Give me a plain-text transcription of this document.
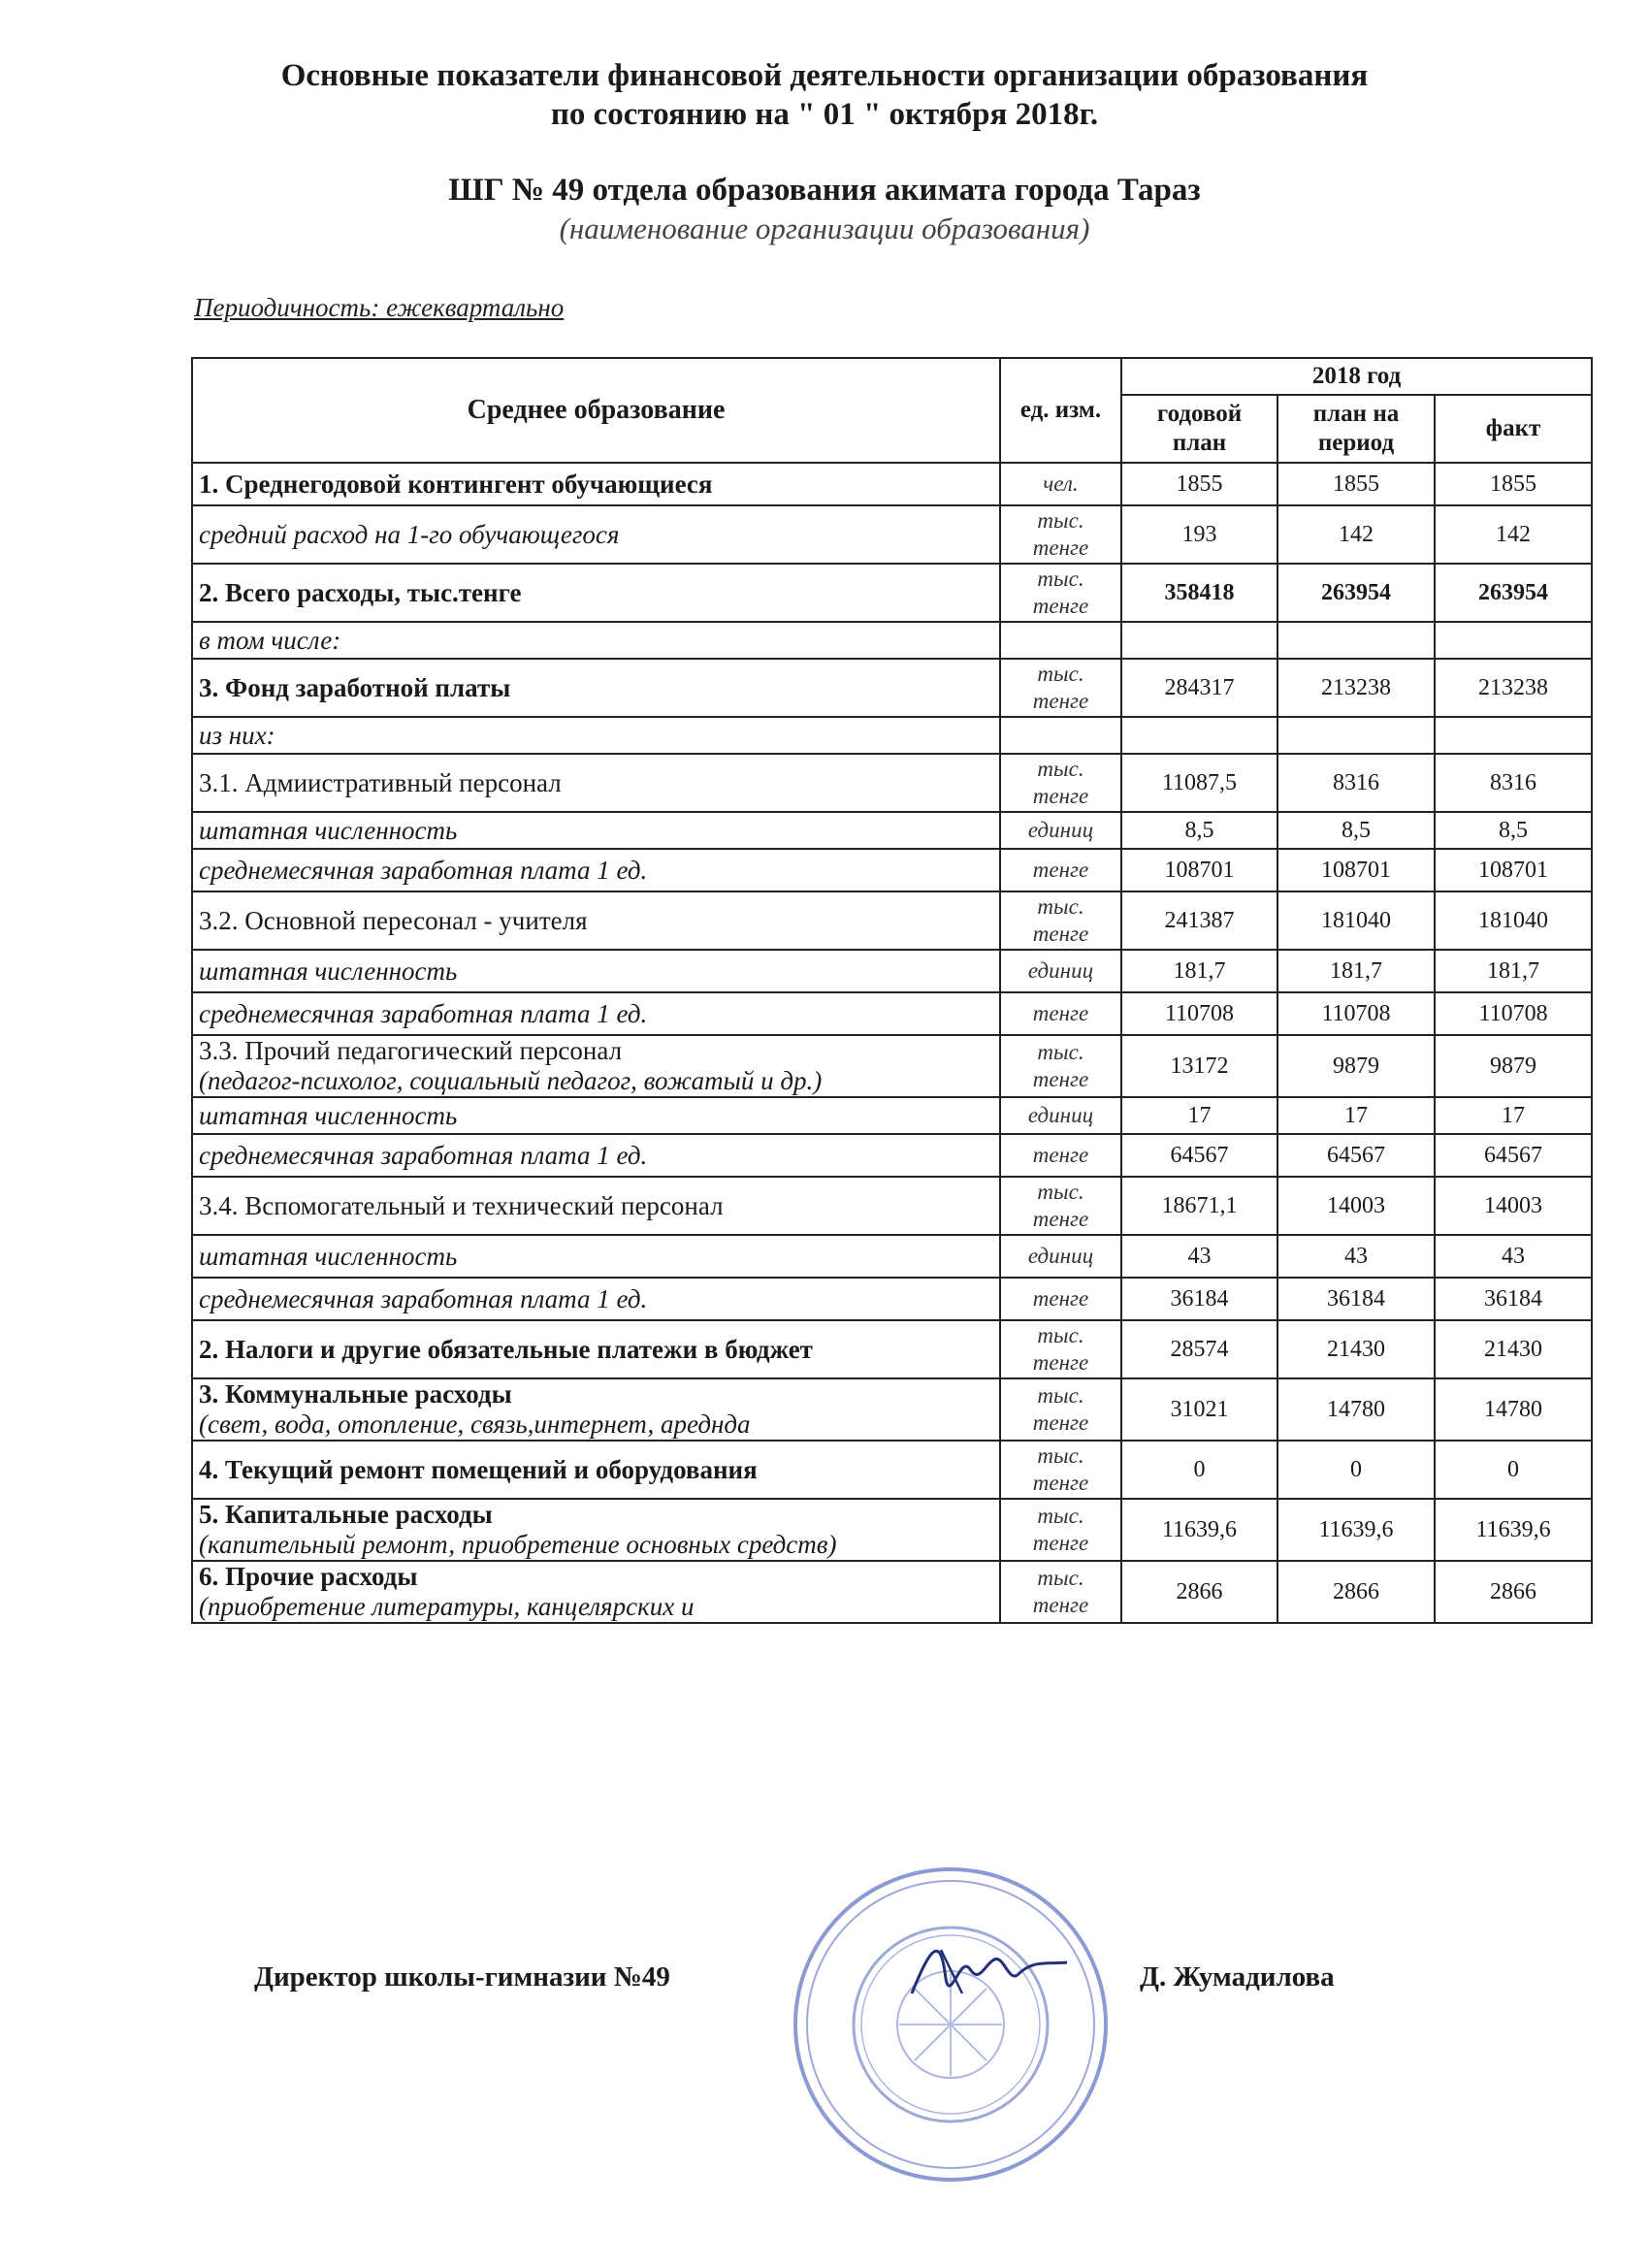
Основные показатели финансовой деятельности организации образования
по состоянию на " 01 " октября 2018г.
ШГ № 49 отдела образования акимата города Тараз
(наименование организации образования)
Периодичность: ежеквартально
Среднее образование	ед. изм.	2018 год		
		годовой план	план на период	факт
1. Среднегодовой контингент обучающиеся	чел.	1855	1855	1855
средний расход на 1-го обучающегося	тыс. тенге	193	142	142
2. Всего расходы, тыс.тенге	тыс. тенге	358418	263954	263954
в том числе:				
3. Фонд заработной платы	тыс. тенге	284317	213238	213238
из них:				
3.1. Адмиистративный персонал	тыс. тенге	11087,5	8316	8316
штатная численность	единиц	8,5	8,5	8,5
среднемесячная заработная плата 1 ед.	тенге	108701	108701	108701
3.2. Основной пересонал - учителя	тыс. тенге	241387	181040	181040
штатная численность	единиц	181,7	181,7	181,7
среднемесячная заработная плата 1 ед.	тенге	110708	110708	110708
3.3. Прочий педагогический персонал
(педагог-психолог, социальный педагог, вожатый и др.)	тыс. тенге	13172	9879	9879
штатная численность	единиц	17	17	17
среднемесячная заработная плата 1 ед.	тенге	64567	64567	64567
3.4. Вспомогательный и технический персонал	тыс. тенге	18671,1	14003	14003
штатная численность	единиц	43	43	43
среднемесячная заработная плата 1 ед.	тенге	36184	36184	36184
2. Налоги и другие обязательные платежи в бюджет	тыс. тенге	28574	21430	21430
3. Коммунальные расходы
(свет, вода, отопление, связь,интернет, ареднда	тыс. тенге	31021	14780	14780
4. Текущий ремонт помещений и оборудования	тыс. тенге	0	0	0
5. Капитальные расходы
(капительный ремонт, приобретение основных средств)	тыс. тенге	11639,6	11639,6	11639,6
6. Прочие расходы
(приобретение литературы, канцелярских и	тыс. тенге	2866	2866	2866
Директор школы-гимназии №49	Д. Жумадилова
